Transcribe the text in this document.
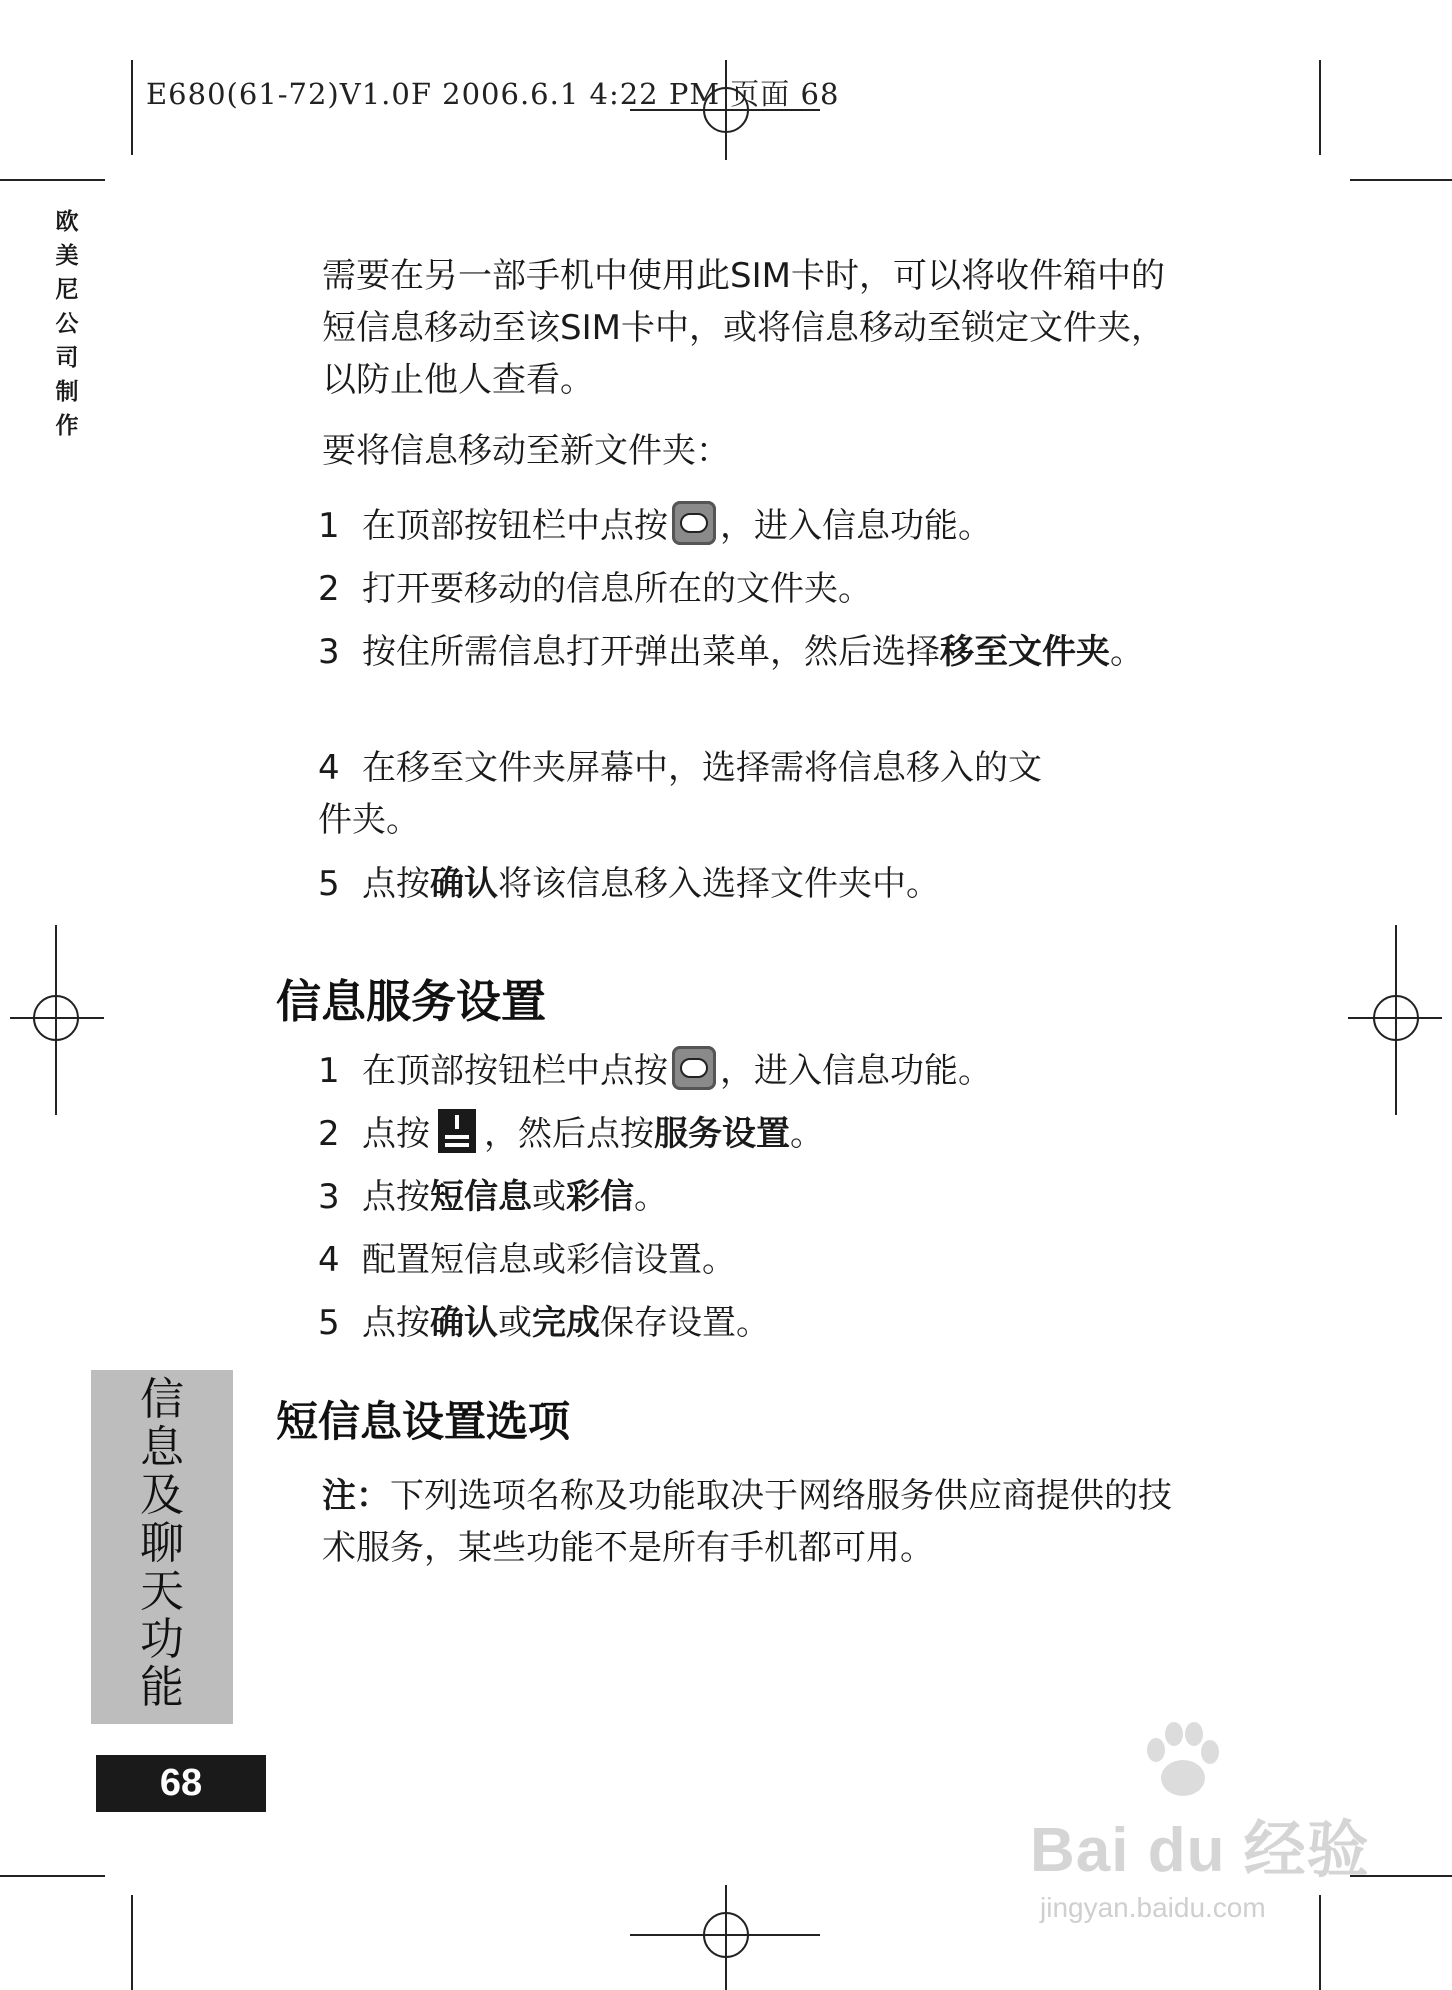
E680(61-72)V1.0F 2006.6.1 4:22 PM 页面 68
欧
美
尼
公
司
制
作
需要在另一部手机中使用此SIM卡时，可以将收件箱中的短信息移动至该SIM卡中，或将信息移动至锁定文件夹，以防止他人查看。
要将信息移动至新文件夹：
1 在顶部按钮栏中点按 ，进入信息功能。
2 打开要移动的信息所在的文件夹。
3 按住所需信息打开弹出菜单，然后选择移至文件夹。
4 在移至文件夹屏幕中，选择需将信息移入的文件夹。
5 点按确认将该信息移入选择文件夹中。
信息服务设置
1 在顶部按钮栏中点按 ，进入信息功能。
2 点按 ，然后点按服务设置。
3 点按短信息或彩信。
4 配置短信息或彩信设置。
5 点按确认或完成保存设置。
短信息设置选项
注：下列选项名称及功能取决于网络服务供应商提供的技术服务，某些功能不是所有手机都可用。
信
息
及
聊
天
功
能
68
Bai du 经验
jingyan.baidu.com
